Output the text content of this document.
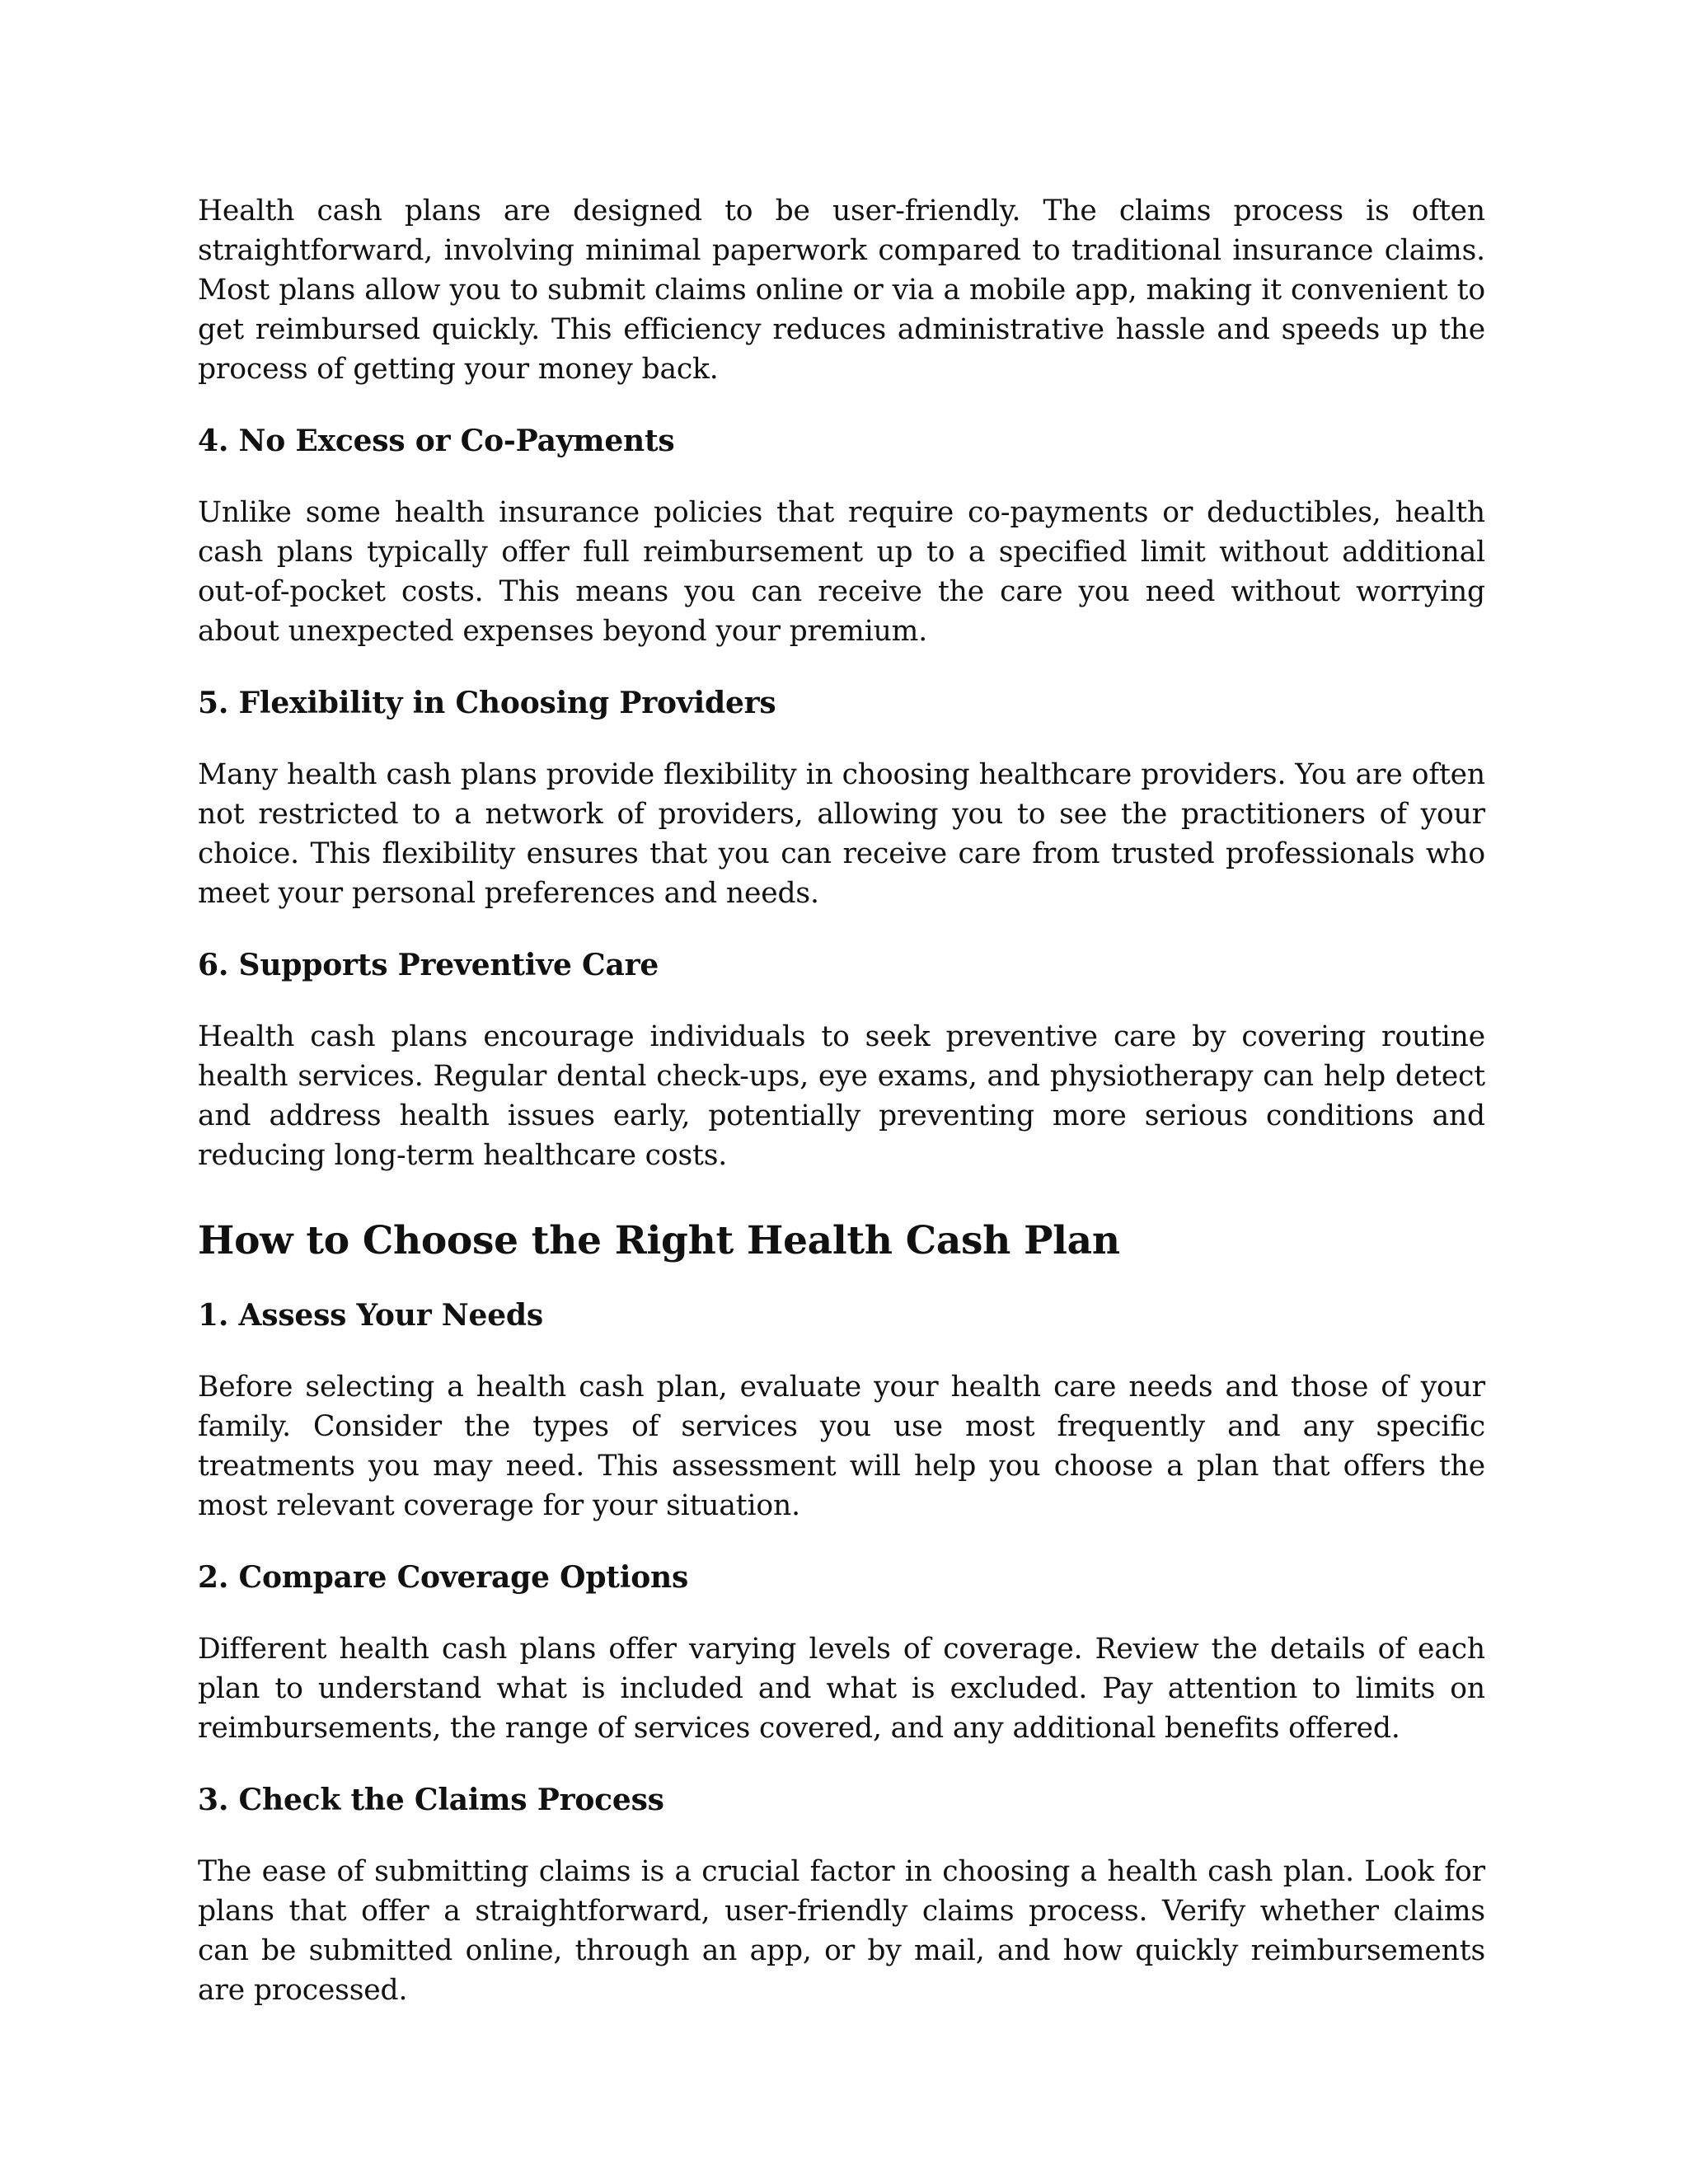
Health cash plans are designed to be user-friendly. The claims process is often straightforward, involving minimal paperwork compared to traditional insurance claims. Most plans allow you to submit claims online or via a mobile app, making it convenient to get reimbursed quickly. This efficiency reduces administrative hassle and speeds up the process of getting your money back.

4. No Excess or Co-Payments

Unlike some health insurance policies that require co-payments or deductibles, health cash plans typically offer full reimbursement up to a specified limit without additional out-of-pocket costs. This means you can receive the care you need without worrying about unexpected expenses beyond your premium.

5. Flexibility in Choosing Providers

Many health cash plans provide flexibility in choosing healthcare providers. You are often not restricted to a network of providers, allowing you to see the practitioners of your choice. This flexibility ensures that you can receive care from trusted professionals who meet your personal preferences and needs.

6. Supports Preventive Care

Health cash plans encourage individuals to seek preventive care by covering routine health services. Regular dental check-ups, eye exams, and physiotherapy can help detect and address health issues early, potentially preventing more serious conditions and reducing long-term healthcare costs.

How to Choose the Right Health Cash Plan
1. Assess Your Needs

Before selecting a health cash plan, evaluate your health care needs and those of your family. Consider the types of services you use most frequently and any specific treatments you may need. This assessment will help you choose a plan that offers the most relevant coverage for your situation.

2. Compare Coverage Options

Different health cash plans offer varying levels of coverage. Review the details of each plan to understand what is included and what is excluded. Pay attention to limits on reimbursements, the range of services covered, and any additional benefits offered.

3. Check the Claims Process

The ease of submitting claims is a crucial factor in choosing a health cash plan. Look for plans that offer a straightforward, user-friendly claims process. Verify whether claims can be submitted online, through an app, or by mail, and how quickly reimbursements are processed.
